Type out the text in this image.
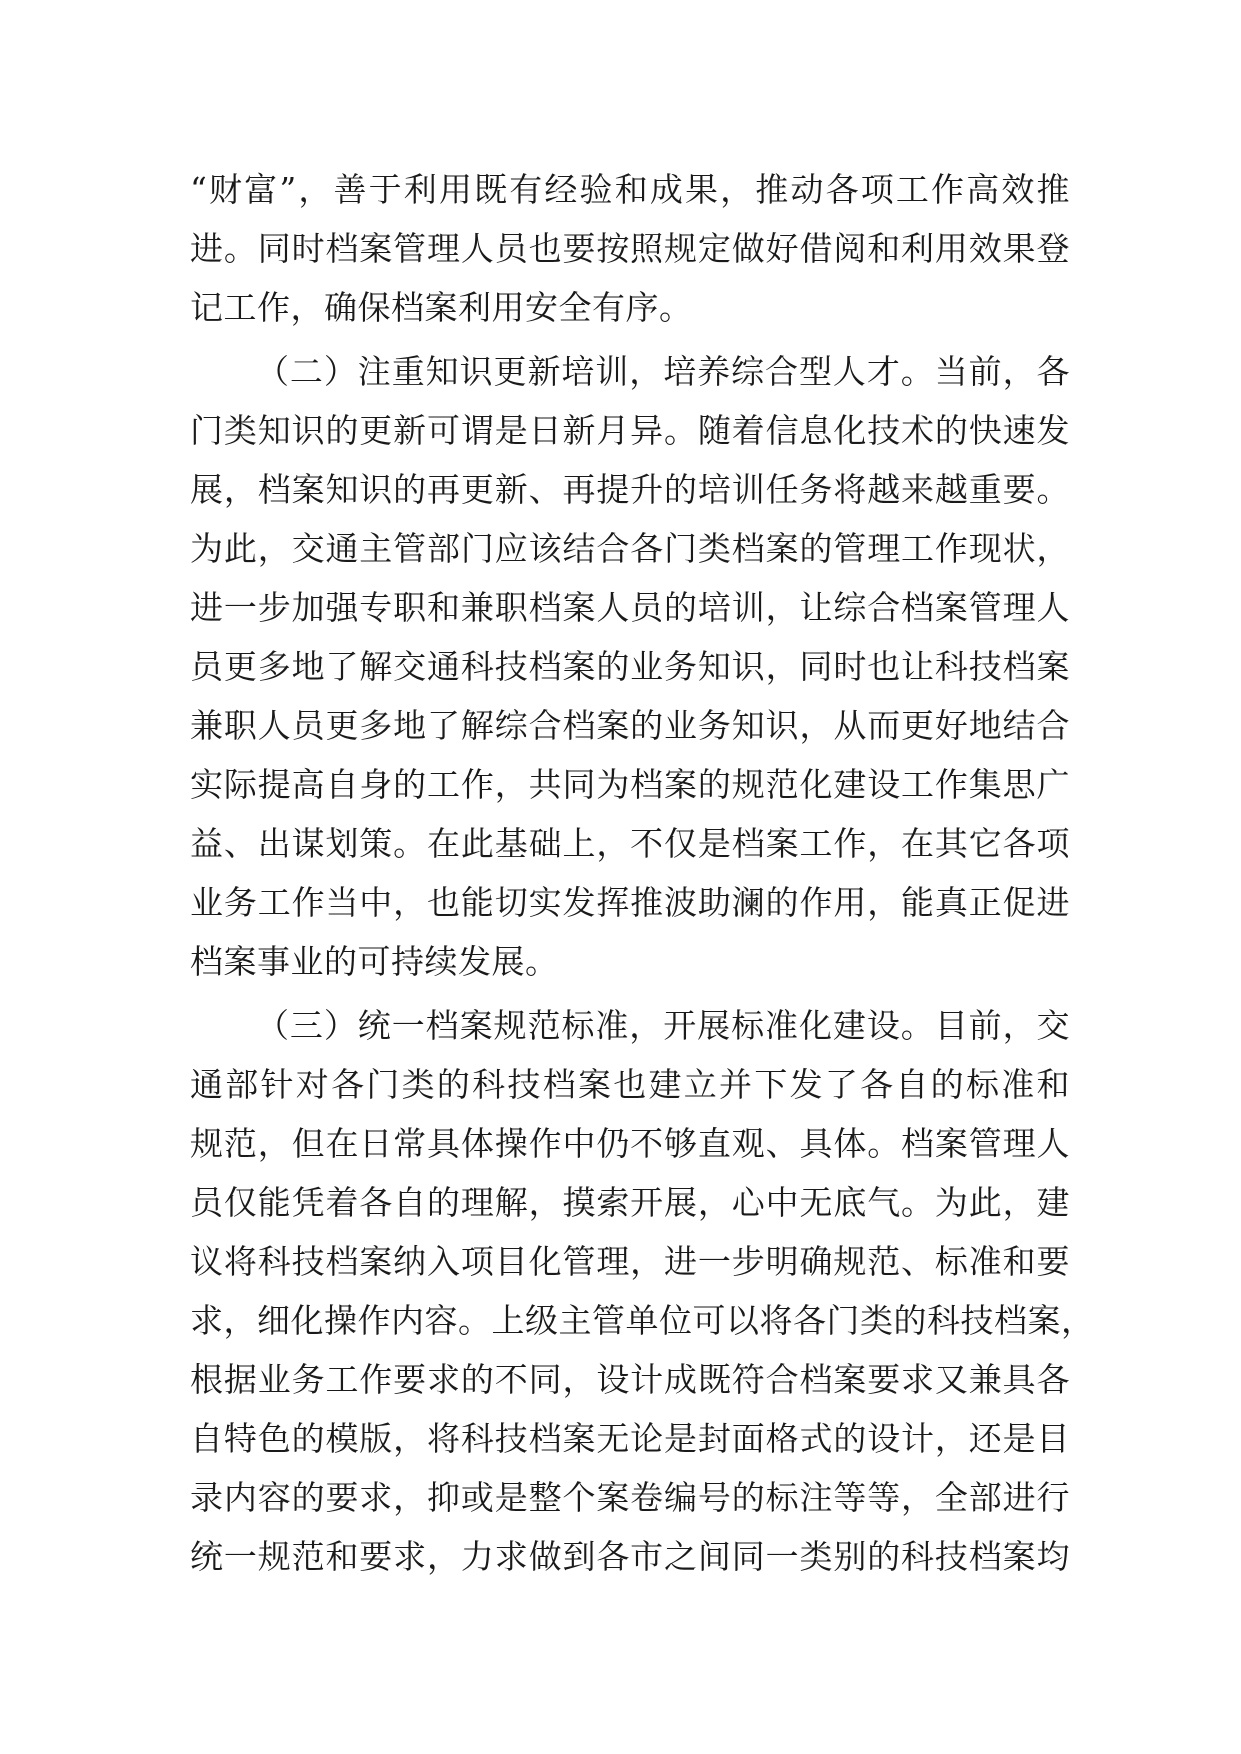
“财富”，善于利用既有经验和成果，推动各项工作高效推
进。同时档案管理人员也要按照规定做好借阅和利用效果登
记工作，确保档案利用安全有序。
（二）注重知识更新培训，培养综合型人才。当前，各
门类知识的更新可谓是日新月异。随着信息化技术的快速发
展，档案知识的再更新、再提升的培训任务将越来越重要。
为此，交通主管部门应该结合各门类档案的管理工作现状，
进一步加强专职和兼职档案人员的培训，让综合档案管理人
员更多地了解交通科技档案的业务知识，同时也让科技档案
兼职人员更多地了解综合档案的业务知识，从而更好地结合
实际提高自身的工作，共同为档案的规范化建设工作集思广
益、出谋划策。在此基础上，不仅是档案工作，在其它各项
业务工作当中，也能切实发挥推波助澜的作用，能真正促进
档案事业的可持续发展。
（三）统一档案规范标准，开展标准化建设。目前，交
通部针对各门类的科技档案也建立并下发了各自的标准和
规范，但在日常具体操作中仍不够直观、具体。档案管理人
员仅能凭着各自的理解，摸索开展，心中无底气。为此，建
议将科技档案纳入项目化管理，进一步明确规范、标准和要
求，细化操作内容。上级主管单位可以将各门类的科技档案，
根据业务工作要求的不同，设计成既符合档案要求又兼具各
自特色的模版，将科技档案无论是封面格式的设计，还是目
录内容的要求，抑或是整个案卷编号的标注等等，全部进行
统一规范和要求，力求做到各市之间同一类别的科技档案均
